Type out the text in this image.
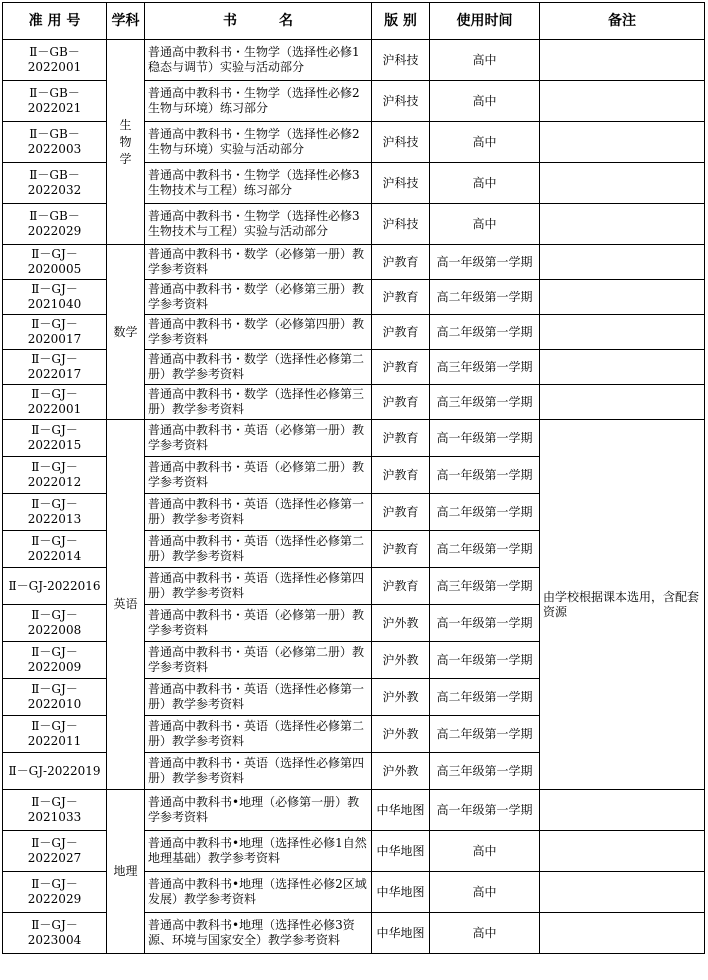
准 用 号	学科	书　　　名	版 别	使用时间	备注
Ⅱ－GB－2022001	生物学	普通高中教科书・生物学（选择性必修1 稳态与调节）实验与活动部分	沪科技	高中	
Ⅱ－GB－2022021		普通高中教科书・生物学（选择性必修2 生物与环境）练习部分	沪科技	高中	
Ⅱ－GB－2022003		普通高中教科书・生物学（选择性必修2 生物与环境）实验与活动部分	沪科技	高中	
Ⅱ－GB－2022032		普通高中教科书・生物学（选择性必修3 生物技术与工程）练习部分	沪科技	高中	
Ⅱ－GB－2022029		普通高中教科书・生物学（选择性必修3 生物技术与工程）实验与活动部分	沪科技	高中	
Ⅱ－GJ－2020005	数学	普通高中教科书・数学（必修第一册）教学参考资料	沪教育	高一年级第一学期	
Ⅱ－GJ－2021040		普通高中教科书・数学（必修第三册）教学参考资料	沪教育	高二年级第一学期	
Ⅱ－GJ－2020017		普通高中教科书・数学（必修第四册）教学参考资料	沪教育	高二年级第一学期	
Ⅱ－GJ－2022017		普通高中教科书・数学（选择性必修第二册）教学参考资料	沪教育	高三年级第一学期	
Ⅱ－GJ－2022001		普通高中教科书・数学（选择性必修第三册）教学参考资料	沪教育	高三年级第一学期	
Ⅱ－GJ－2022015	英语	普通高中教科书・英语（必修第一册）教学参考资料	沪教育	高一年级第一学期	由学校根据课本选用，含配套资源
Ⅱ－GJ－2022012		普通高中教科书・英语（必修第二册）教学参考资料	沪教育	高一年级第一学期	
Ⅱ－GJ－2022013		普通高中教科书・英语（选择性必修第一册）教学参考资料	沪教育	高二年级第一学期	
Ⅱ－GJ－2022014		普通高中教科书・英语（选择性必修第二册）教学参考资料	沪教育	高二年级第一学期	
Ⅱ－GJ-2022016		普通高中教科书・英语（选择性必修第四册）教学参考资料	沪教育	高三年级第一学期	
Ⅱ－GJ－2022008		普通高中教科书・英语（必修第一册）教学参考资料	沪外教	高一年级第一学期	
Ⅱ－GJ－2022009		普通高中教科书・英语（必修第二册）教学参考资料	沪外教	高一年级第一学期	
Ⅱ－GJ－2022010		普通高中教科书・英语（选择性必修第一册）教学参考资料	沪外教	高二年级第一学期	
Ⅱ－GJ－2022011		普通高中教科书・英语（选择性必修第二册）教学参考资料	沪外教	高二年级第一学期	
Ⅱ－GJ-2022019		普通高中教科书・英语（选择性必修第四册）教学参考资料	沪外教	高三年级第一学期	
Ⅱ－GJ－2021033	地理	普通高中教科书•地理（必修第一册）教学参考资料	中华地图	高一年级第一学期	
Ⅱ－GJ－2022027		普通高中教科书•地理（选择性必修1自然地理基础）教学参考资料	中华地图	高中	
Ⅱ－GJ－2022029		普通高中教科书•地理（选择性必修2区域发展）教学参考资料	中华地图	高中	
Ⅱ－GJ－2023004		普通高中教科书•地理（选择性必修3资源、环境与国家安全）教学参考资料	中华地图	高中	
